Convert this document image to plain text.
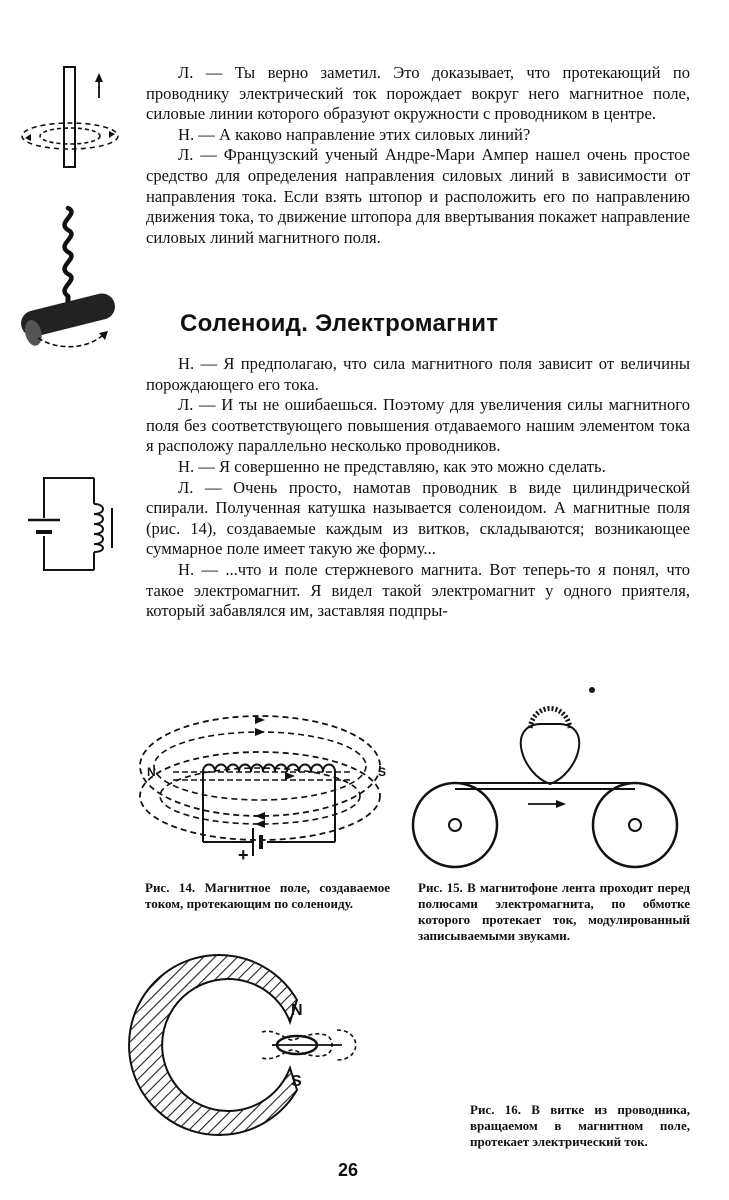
Л. — Ты верно заметил. Это доказывает, что протекающий по проводнику электрический ток порождает вокруг него магнитное поле, силовые линии которого образуют окружности с проводником в центре.

Н. — А каково направление этих силовых линий?

Л. — Французский ученый Андре-Мари Ампер нашел очень простое средство для определения направления силовых линий в зависимости от направления тока. Если взять штопор и расположить его по направлению движения тока, то движение штопора для ввертывания покажет направление силовых линий магнитного поля.

Соленоид. Электромагнит

Н. — Я предполагаю, что сила магнитного поля зависит от величины порождающего его тока.

Л. — И ты не ошибаешься. Поэтому для увеличения силы магнитного поля без соответствующего повышения отдаваемого нашим элементом тока я расположу параллельно несколько проводников.

Н. — Я совершенно не представляю, как это можно сделать.

Л. — Очень просто, намотав проводник в виде цилиндрической спирали. Полученная катушка называется соленоидом. А магнитные поля (рис. 14), создаваемые каждым из витков, складываются; возникающее суммарное поле имеет такую же форму...

Н. — ...что и поле стержневого магнита. Вот теперь-то я понял, что такое электромагнит. Я видел такой электромагнит у одного приятеля, который забавлялся им, заставляя подпры-

N	S
+
Рис. 14. Магнитное поле, создаваемое током, протекающим по соленоиду.
Рис. 15. В магнитофоне лента проходит перед полюсами электромагнита, по обмотке которого протекает ток, модулированный записываемыми звуками.
N
S
Рис. 16. В витке из проводника, вращаемом в магнитном поле, протекает электрический ток.
26
